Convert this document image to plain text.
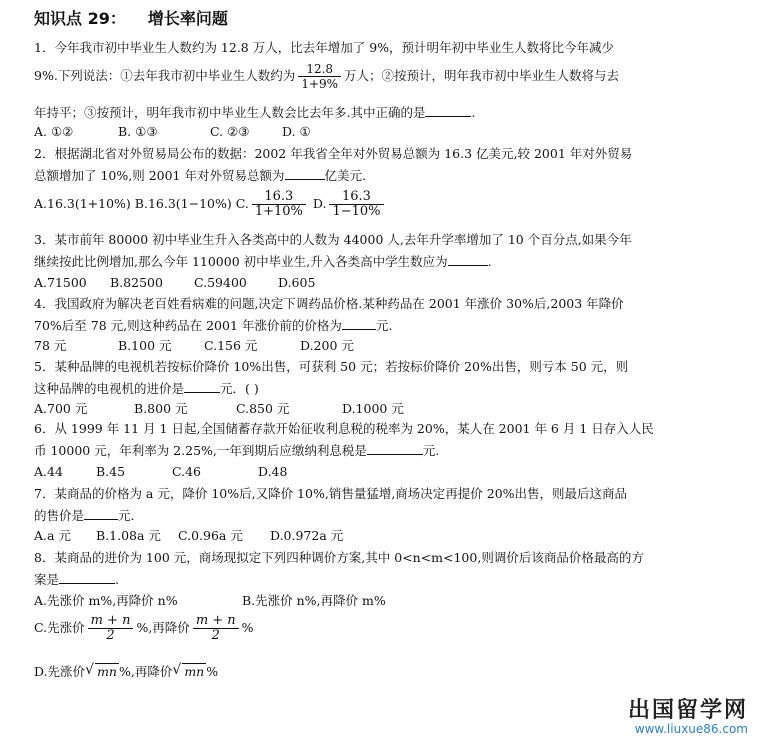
知识点 29： 增长率问题
1．今年我市初中毕业生人数约为 12.8 万人，比去年增加了 9%，预计明年初中毕业生人数将比今年减少
9%.下列说法：①去年我市初中毕业生人数约为 $\frac{12.8}{1+9\%}$ 万人；②按预计，明年我市初中毕业生人数将与去
年持平；③按预计，明年我市初中毕业生人数会比去年多.其中正确的是	.
A. ①②	B. ①③	C. ②③	D. ①
2．根据湖北省对外贸易局公布的数据：2002 年我省全年对外贸易总额为 16.3 亿美元,较 2001 年对外贸易
总额增加了 10%,则 2001 年对外贸易总额为	亿美元.
A.16.3(1+10%) B.16.3(1−10%) C. $\frac{16.3}{1+10\%} D$. $\frac{16.3}{1-10\%}$
3．某市前年 80000 初中毕业生升入各类高中的人数为 44000 人,去年升学率增加了 10 个百分点,如果今年
继续按此比例增加,那么今年 110000 初中毕业生,升入各类高中学生数应为	.
A.71500 B.82500 C.59400 D.605
4．我国政府为解决老百姓看病难的问题,决定下调药品价格.某种药品在 2001 年涨价 30%后,2003 年降价
70%后至 78 元,则这种药品在 2001 年涨价前的价格为	元.
78 元	B.100 元	C.156 元	D.200 元
5．某种品牌的电视机若按标价降价 10%出售，可获利 50 元；若按标价降价 20%出售，则亏本 50 元，则
这种品牌的电视机的进价是	元．( )
A.700 元	B.800 元	C.850 元	D.1000 元
6．从 1999 年 11 月 1 日起,全国储蓄存款开始征收利息税的税率为 20%，某人在 2001 年 6 月 1 日存入人民
币 10000 元，年利率为 2.25%,一年到期后应缴纳利息税是	元.
A.44	B.45	C.46	D.48
7．某商品的价格为 a 元，降价 10%后,又降价 10%,销售量猛增,商场决定再提价 20%出售，则最后这商品
的售价是	元.
A.a 元 B.1.08a 元 C.0.96a 元 D.0.972a 元
8．某商品的进价为 100 元，商场现拟定下列四种调价方案,其中 0<n<m<100,则调价后该商品价格最高的方
案是	.
A.先涨价 m%,再降价 n%	B.先涨价 n%,再降价 m%
C.先涨价 $\frac{m + n}{2}$ %,再降价 $\frac{m + n}{2}$ %
D.先涨价 √ mn %,再降价 √ mn %
出国留学网
www.liuxue86.com
